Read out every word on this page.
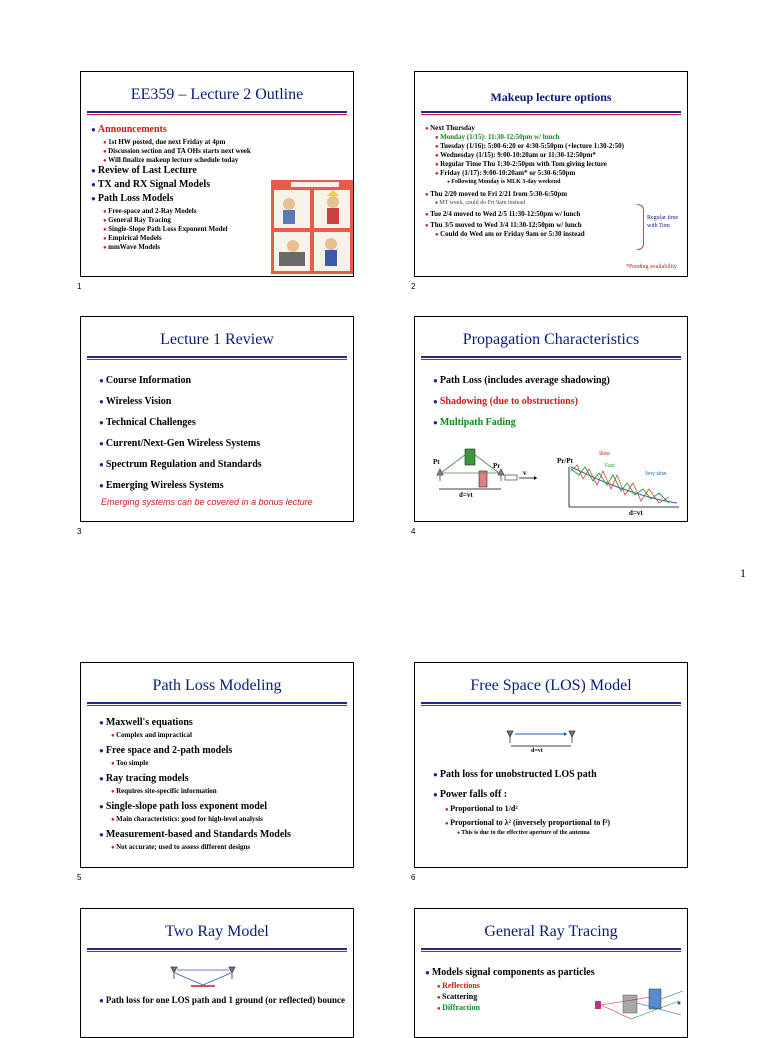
1
EE359 – Lecture 2 Outline
● Announcements
● 1st HW posted, due next Friday at 4pm
● Discussion section and TA OHs starts next week
● Will finalize makeup lecture schedule today
● Review of Last Lecture
● TX and RX Signal Models
● Path Loss Models
● Free-space and 2-Ray Models
● General Ray Tracing
● Single-Slope Path Loss Exponent Model
● Empirical Models
● mmWave Models
1
Makeup lecture options
● Next Thursday
● Monday (1/15): 11:30-12:50pm w/ lunch
● Tuesday (1/16): 5:00-6:20 or 4:30-5:50pm (+lecture 1:30-2:50)
● Wednesday (1/15): 9:00-10:20am or 11:30-12:50pm*
● Regular Time Thu 1:30-2:50pm with Tom giving lecture
● Friday (1/17): 9:00-10:20am* or 5:30-6:50pm
● Following Monday is MLK 3-day weekend
● Thu 2/20 moved to Fri 2/21 from 5:30-6:50pm
● MT week, could do Fri 9am instead
● Tue 2/4 moved to Wed 2/5 11:30-12:50pm w/ lunch
● Thu 3/5 moved to Wed 3/4 11:30-12:50pm w/ lunch
● Could do Wed am or Friday 9am or 5:30 instead
Regular time with Tom
*Pending availability
2
Lecture 1 Review
● Course Information
● Wireless Vision
● Technical Challenges
● Current/Next-Gen Wireless Systems
● Spectrum Regulation and Standards
● Emerging Wireless Systems
Emerging systems can be covered in a bonus lecture
3
Propagation Characteristics
● Path Loss (includes average shadowing)
● Shadowing (due to obstructions)
● Multipath Fading
Pt	Pr
v
d=vt
Pr/Pt
Slow
Fast
Very slow
d=vt
4
Path Loss Modeling
● Maxwell's equations
● Complex and impractical
● Free space and 2-path models
● Too simple
● Ray tracing models
● Requires site-specific information
● Single-slope path loss exponent model
● Main characteristics: good for high-level analysis
● Measurement-based and Standards Models
● Not accurate; used to assess different designs
5
Free Space (LOS) Model
d=vt
● Path loss for unobstructed LOS path
● Power falls off :
● Proportional to 1/d²
● Proportional to λ² (inversely proportional to f²)
● This is due to the effective aperture of the antenna
6
Two Ray Model
● Path loss for one LOS path and 1 ground (or reflected) bounce
General Ray Tracing
● Models signal components as particles
● Reflections
● Scattering
● Diffraction
